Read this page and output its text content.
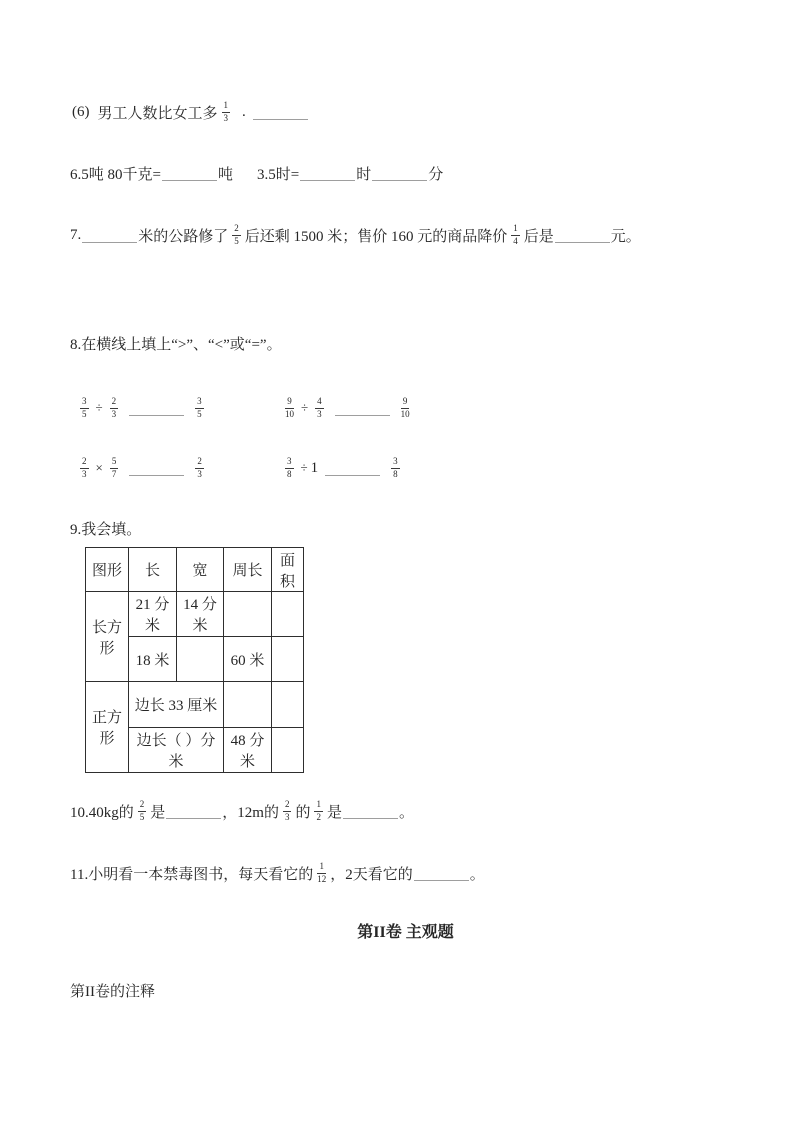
(6) 男工人数比女工多 $\frac{1}{3}$ .
6.5吨 80千克=	吨 3.5时=	时	分
7.	米的公路修了 $\frac{2}{5}$ 后还剩 1500 米；售价 160 元的商品降价 $\frac{1}{4}$ 后是	元。
8.在横线上填上“>”、“<”或“=”。
$\frac{3}{5} \div \frac{2}{3}$	$\frac{3}{5}$	$\frac{9}{10} \div \frac{4}{3}$	$\frac{9}{10}$
$\frac{2}{3} \times \frac{5}{7}$	$\frac{2}{3}$	$\frac{3}{8} \div 1$	$\frac{3}{8}$
9.我会填。
图形	长	宽	周长	面积
长方形	21 分米	14 分米		
	18 米		60 米	
正方形	边长 33 厘米			
	边长（ ）分米		48 分米	
10.40kg的 $\frac{2}{5}$ 是	，12m的 $\frac{2}{3}$ 的 $\frac{1}{2}$ 是	。
11.小明看一本禁毒图书，每天看它的 $\frac{1}{12}$ ，2天看它的	。
第II卷 主观题
第II卷的注释
